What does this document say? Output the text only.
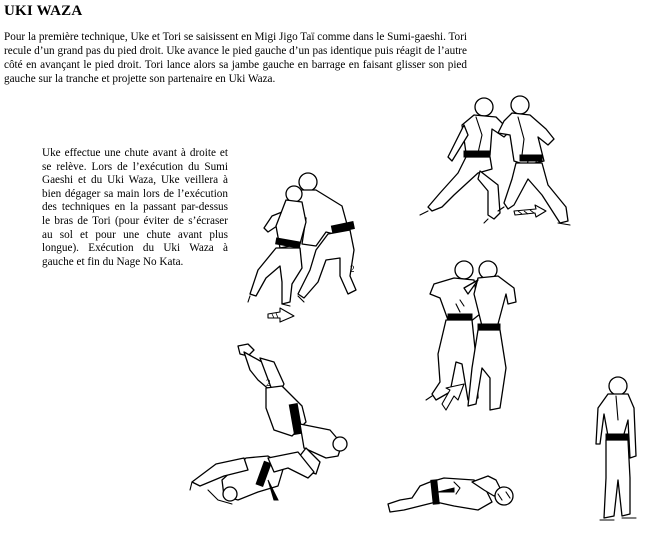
UKI WAZA

Pour la première technique, Uke et Tori se saisissent en Migi Jigo Taï comme dans le Sumi-gaeshi. Tori recule d’un grand pas du pied droit. Uke avance le pied gauche d’un pas identique puis réagit de l’autre côté en avançant le pied droit. Tori lance alors sa jambe gauche en barrage en faisant glisser son pied gauche sur la tranche et projette son partenaire en Uki Waza.

Uke effectue une chute avant à droite et se relève. Lors de l’exécution du Sumi Gaeshi et du Uki Waza, Uke veillera à bien dégager sa main lors de l’exécution des techniques en la passant par-dessus le bras de Tori (pour éviter de s’écraser au sol et pour une chute avant plus longue). Exécution du Uki Waza à gauche et fin du Nage No Kata.

2
2
